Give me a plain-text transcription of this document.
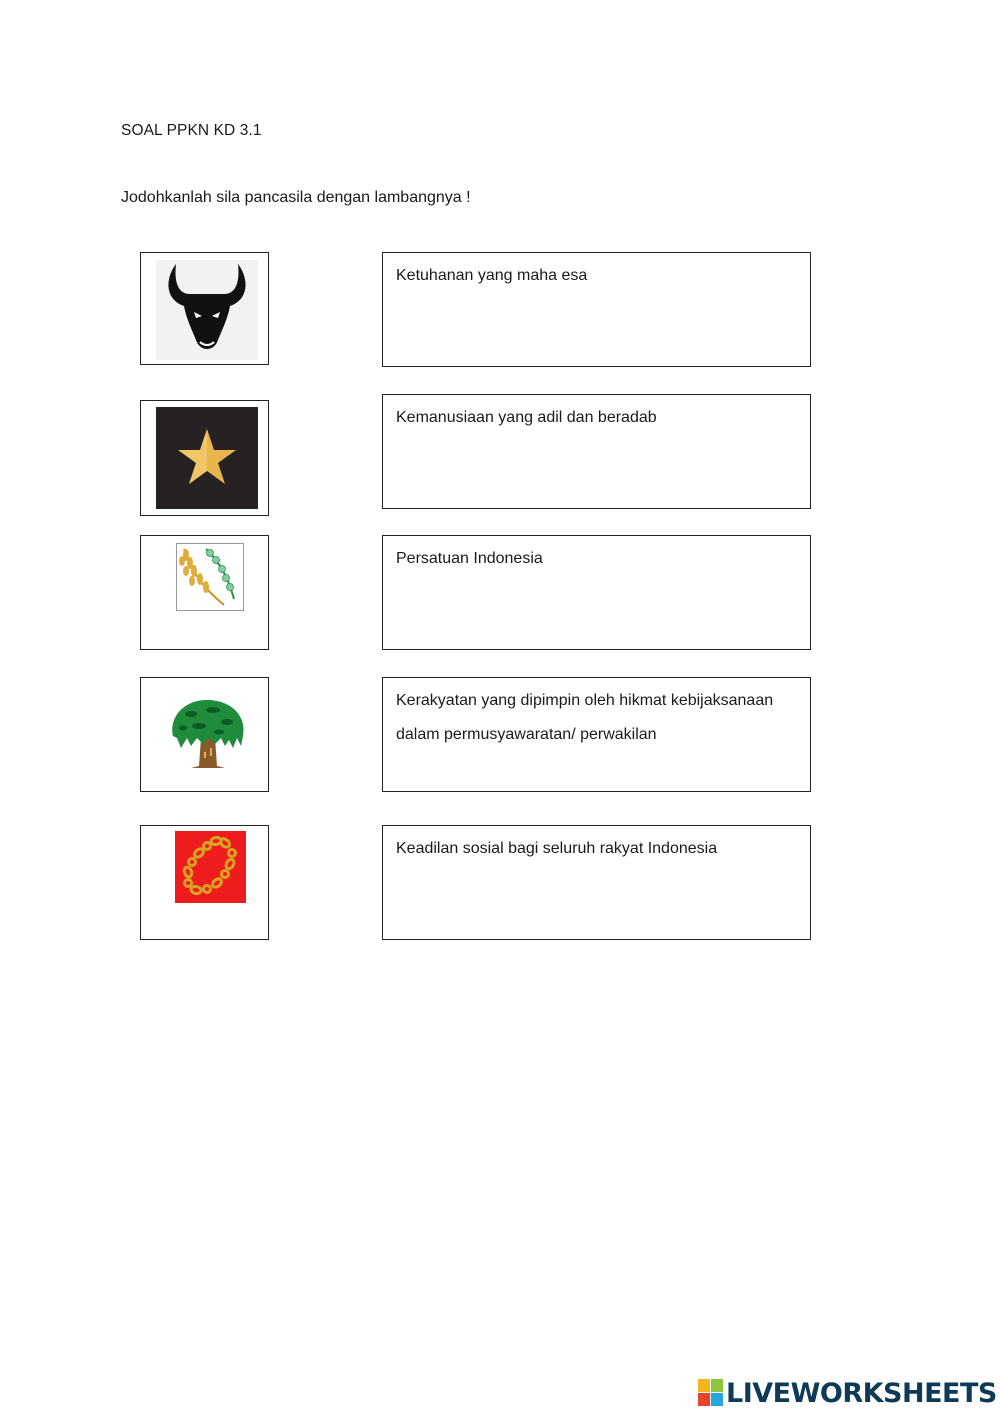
SOAL PPKN KD 3.1
Jodohkanlah sila pancasila dengan lambangnya !
Ketuhanan yang maha esa
Kemanusiaan yang adil dan beradab
Persatuan Indonesia
Kerakyatan yang dipimpin oleh hikmat kebijaksanaan dalam permusyawaratan/ perwakilan
Keadilan sosial bagi seluruh rakyat Indonesia
LIVEWORKSHEETS
